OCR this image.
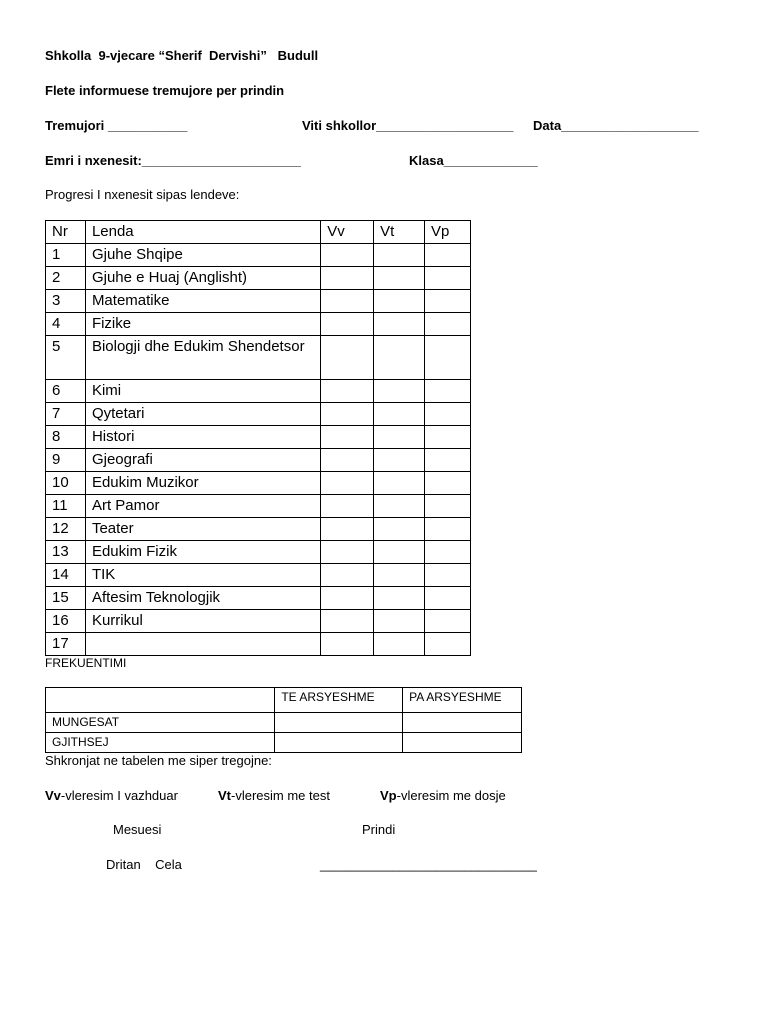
Shkolla  9-vjecare “Sherif  Dervishi”   Budull
Flete informuese tremujore per prindin
Tremujori ___________	Viti shkollor___________________ Data___________________
Emri i nxenesit:______________________	Klasa_____________
Progresi I nxenesit sipas lendeve:
Nr	Lenda	Vv	Vt	Vp
1	Gjuhe Shqipe			
2	Gjuhe e Huaj (Anglisht)			
3	Matematike			
4	Fizike			
5	Biologji dhe Edukim Shendetsor			
6	Kimi			
7	Qytetari			
8	Histori			
9	Gjeografi			
10	Edukim Muzikor			
11	Art Pamor			
12	Teater			
13	Edukim Fizik			
14	TIK			
15	Aftesim Teknologjik			
16	Kurrikul			
17				
FREKUENTIMI
	TE ARSYESHME	PA ARSYESHME
MUNGESAT		
GJITHSEJ		
Shkronjat ne tabelen me siper tregojne:
Vv-vleresim I vazhduar	Vt-vleresim me test	Vp-vleresim me dosje
Mesuesi	Prindi
Dritan    Cela	______________________________
